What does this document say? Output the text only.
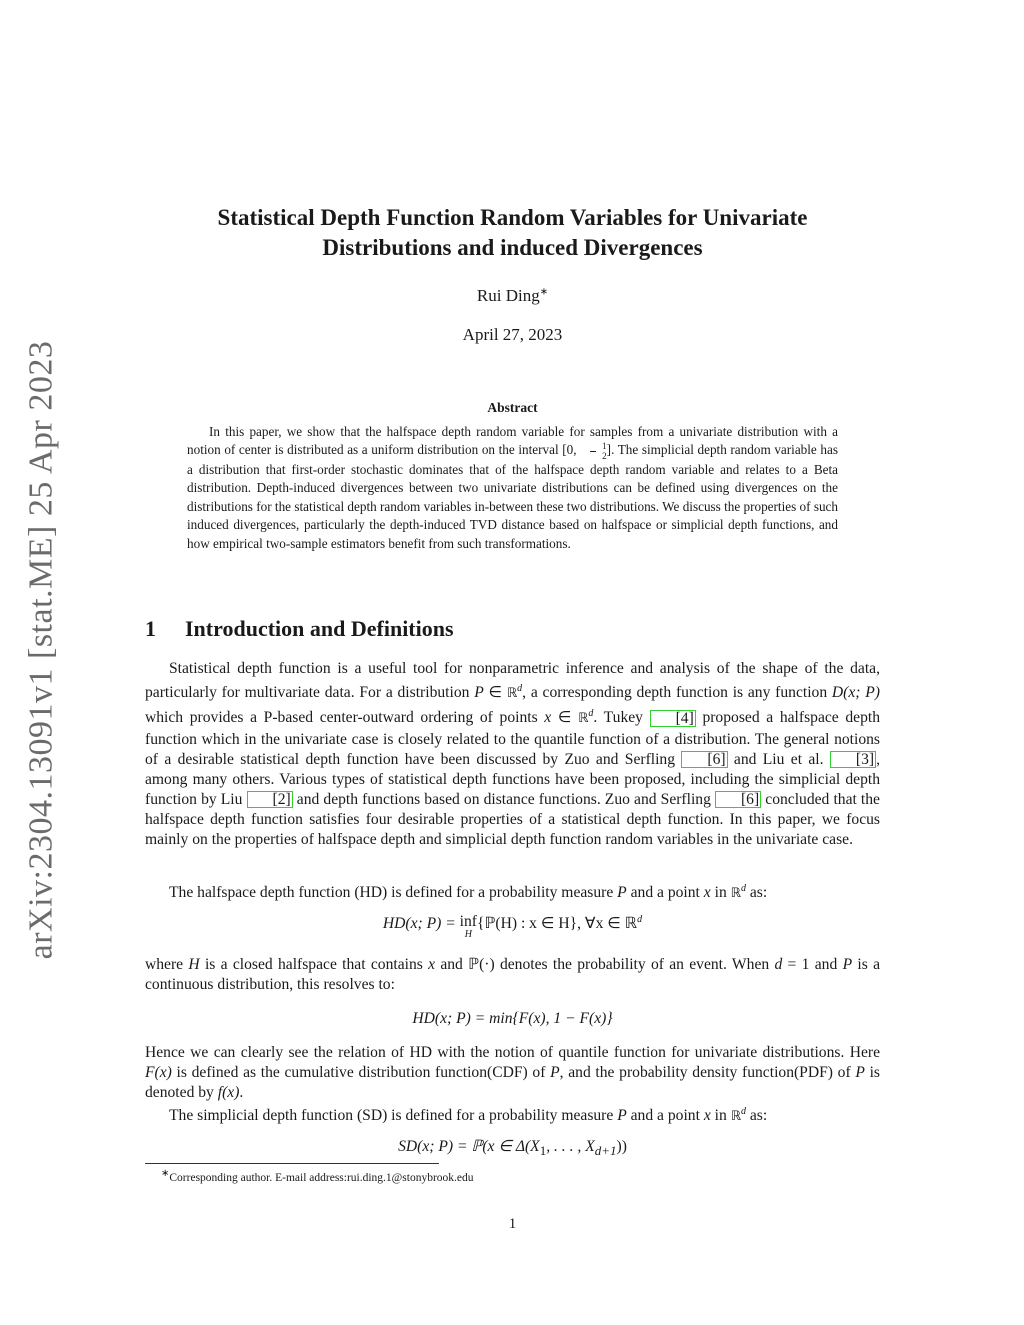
arXiv:2304.13091v1 [stat.ME] 25 Apr 2023
Statistical Depth Function Random Variables for Univariate
Distributions and induced Divergences
Rui Ding∗
April 27, 2023
Abstract
In this paper, we show that the halfspace depth random variable for samples from a univariate distribution with a notion of center is distributed as a uniform distribution on the interval [0, $\frac{1}{2}$ ]. The simplicial depth random variable has a distribution that first-order stochastic dominates that of the halfspace depth random variable and relates to a Beta distribution. Depth-induced divergences between two univariate distributions can be defined using divergences on the distributions for the statistical depth random variables in-between these two distributions. We discuss the properties of such induced divergences, particularly the depth-induced TVD distance based on halfspace or simplicial depth functions, and how empirical two-sample estimators benefit from such transformations.
1 Introduction and Definitions
Statistical depth function is a useful tool for nonparametric inference and analysis of the shape of the data, particularly for multivariate data. For a distribution P ∈ ℝ$^d$, a corresponding depth function is any function D(x; P) which provides a P-based center-outward ordering of points x ∈ ℝ$^d$. Tukey [4] proposed a halfspace depth function which in the univariate case is closely related to the quantile function of a distribution. The general notions of a desirable statistical depth function have been discussed by Zuo and Serfling [6] and Liu et al. [3] , among many others. Various types of statistical depth functions have been proposed, including the simplicial depth function by Liu [2] and depth functions based on distance functions. Zuo and Serfling [6] concluded that the halfspace depth function satisfies four desirable properties of a statistical depth function. In this paper, we focus mainly on the properties of halfspace depth and simplicial depth function random variables in the univariate case.
The halfspace depth function (HD) is defined for a probability measure P and a point x in ℝ$^d$ as:
HD(x; P) = inf
H
{ℙ(H) : x ∈ H}, ∀x ∈ ℝ$^d$
where H is a closed halfspace that contains x and ℙ(·) denotes the probability of an event. When d = 1 and P is a continuous distribution, this resolves to:
HD(x; P) = min{F(x), 1 − F(x)}
Hence we can clearly see the relation of HD with the notion of quantile function for univariate distributions. Here F(x) is defined as the cumulative distribution function(CDF) of P, and the probability density function(PDF) of P is denoted by f(x).
The simplicial depth function (SD) is defined for a probability measure P and a point x in ℝ$^d$ as:
SD(x; P) = ℙ(x ∈ $\Delta(X_1$, . . . , $X_{d+1}$))
∗Corresponding author. E-mail address:rui.ding.1@stonybrook.edu
1
